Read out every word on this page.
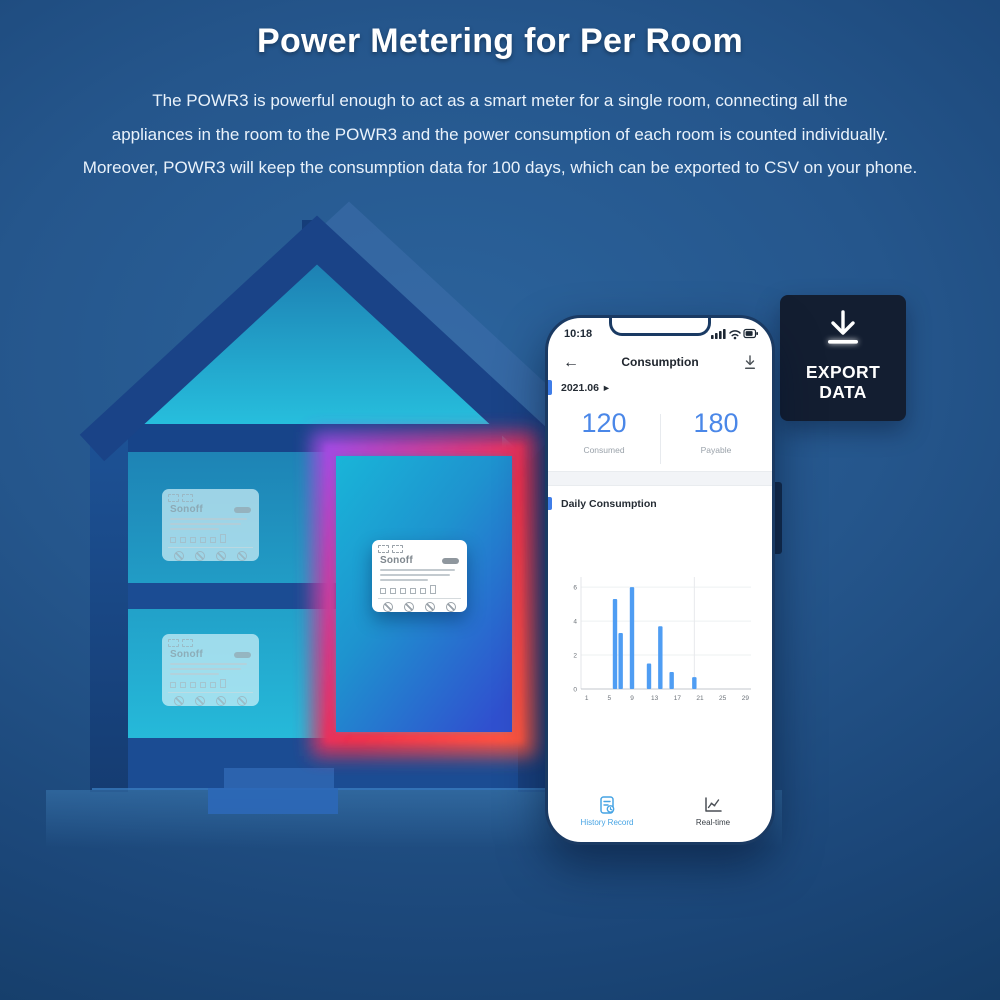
Power Metering for Per Room
The POWR3 is powerful enough to act as a smart meter for a single room, connecting all the
appliances in the room to the POWR3 and the power consumption of each room is counted individually.
Moreover, POWR3 will keep the consumption data for 100 days, which can be exported to CSV on your phone.
Sonoff
Sonoff
Sonoff
EXPORT
DATA
10:18
←	Consumption
2021.06 ▶
120
Consumed
180
Payable
Daily Consumption
0
2
4
6
1	5	9	13 17 21 25 29
History Record	Real-time
